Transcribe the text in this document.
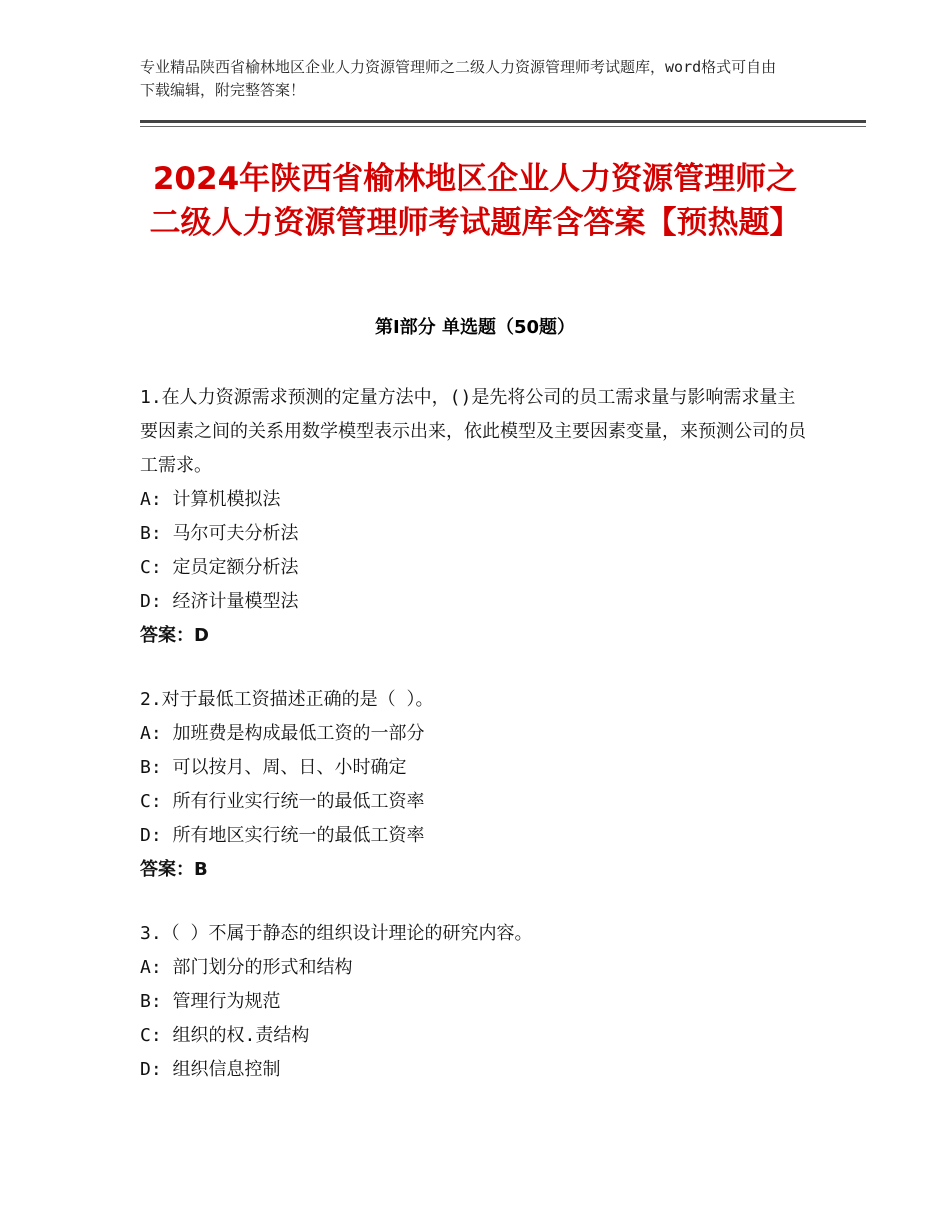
专业精品陕西省榆林地区企业人力资源管理师之二级人力资源管理师考试题库，word格式可自由下载编辑，附完整答案！
2024年陕西省榆林地区企业人力资源管理师之二级人力资源管理师考试题库含答案【预热题】
第Ⅰ部分 单选题（50题）

1.在人力资源需求预测的定量方法中，()是先将公司的员工需求量与影响需求量主要因素之间的关系用数学模型表示出来，依此模型及主要因素变量，来预测公司的员工需求。

A: 计算机模拟法

B: 马尔可夫分析法

C: 定员定额分析法

D: 经济计量模型法

答案：D

2.对于最低工资描述正确的是（ ）。

A: 加班费是构成最低工资的一部分

B: 可以按月、周、日、小时确定

C: 所有行业实行统一的最低工资率

D: 所有地区实行统一的最低工资率

答案：B

3.（ ）不属于静态的组织设计理论的研究内容。

A: 部门划分的形式和结构

B: 管理行为规范

C: 组织的权.责结构

D: 组织信息控制
